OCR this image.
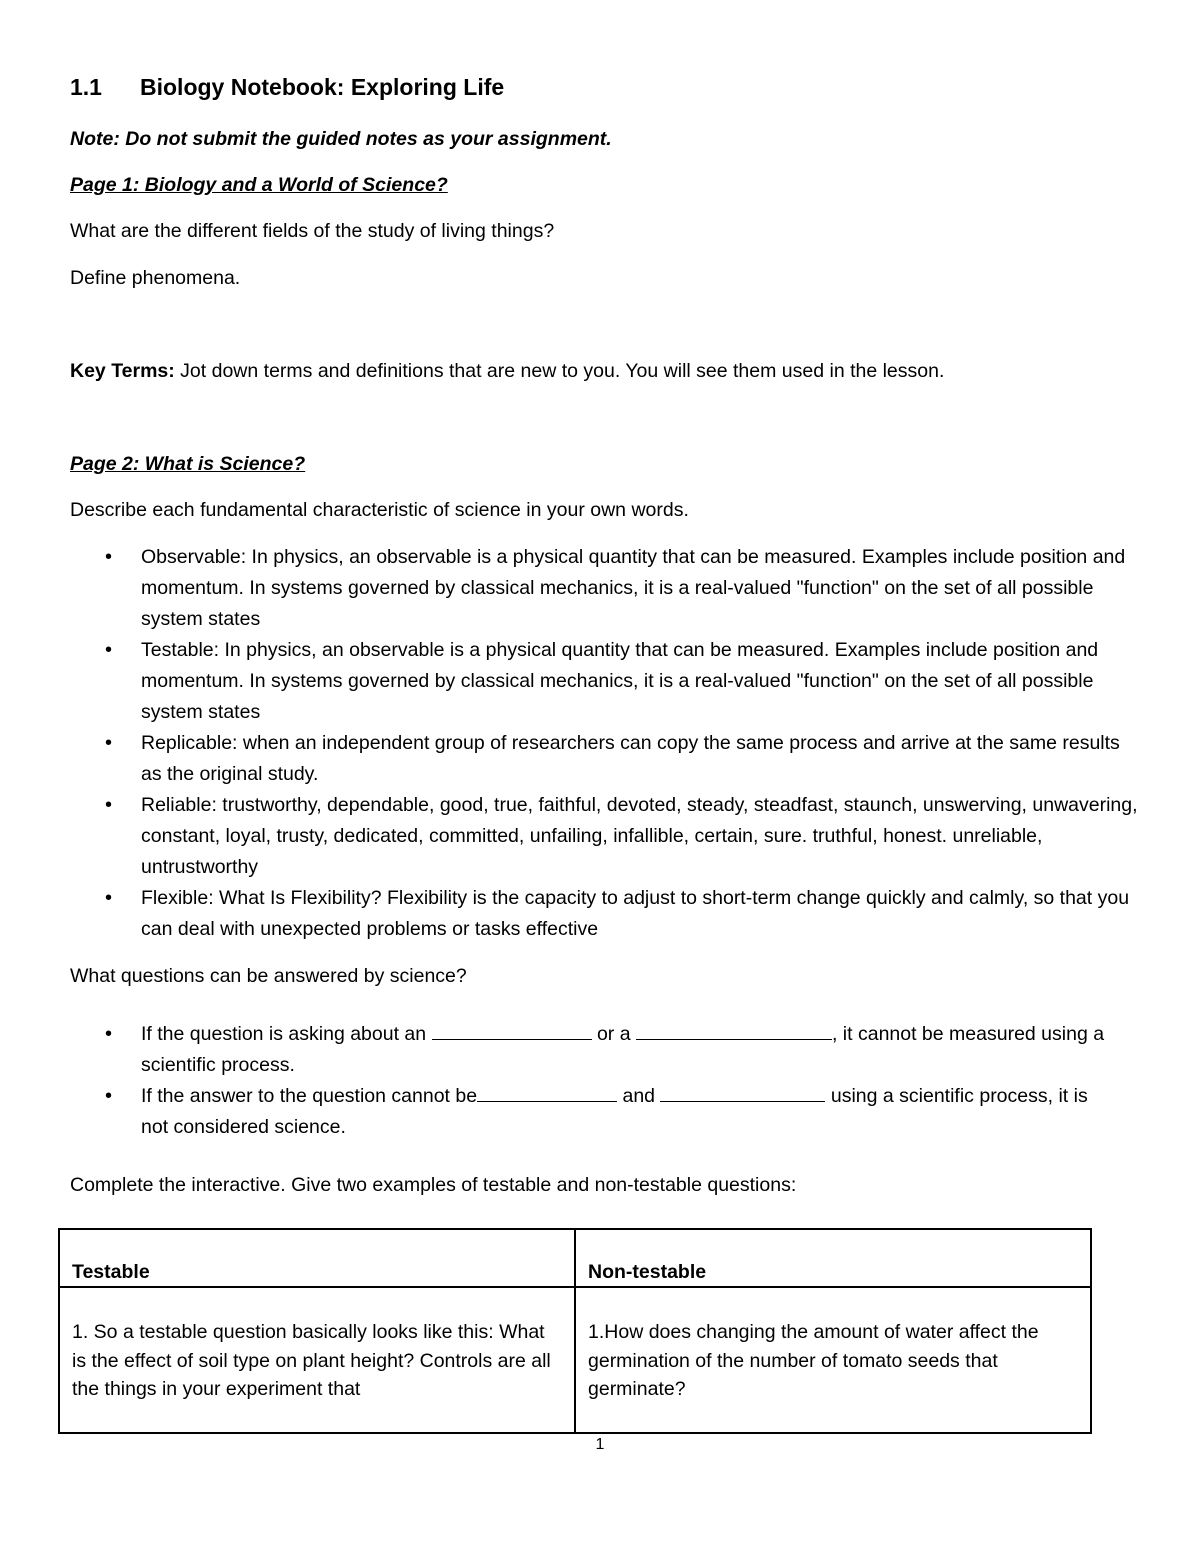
1.1 Biology Notebook: Exploring Life
Note: Do not submit the guided notes as your assignment.
Page 1: Biology and a World of Science?
What are the different fields of the study of living things?
Define phenomena.
Key Terms: Jot down terms and definitions that are new to you. You will see them used in the lesson.
Page 2: What is Science?
Describe each fundamental characteristic of science in your own words.
• Observable: In physics, an observable is a physical quantity that can be measured. Examples include position and momentum. In systems governed by classical mechanics, it is a real-valued "function" on the set of all possible system states
• Testable: In physics, an observable is a physical quantity that can be measured. Examples include position and momentum. In systems governed by classical mechanics, it is a real-valued "function" on the set of all possible system states
• Replicable: when an independent group of researchers can copy the same process and arrive at the same results as the original study.
• Reliable: trustworthy, dependable, good, true, faithful, devoted, steady, steadfast, staunch, unswerving, unwavering, constant, loyal, trusty, dedicated, committed, unfailing, infallible, certain, sure. truthful, honest. unreliable, untrustworthy
• Flexible: What Is Flexibility? Flexibility is the capacity to adjust to short-term change quickly and calmly, so that you can deal with unexpected problems or tasks effective
What questions can be answered by science?
• If the question is asking about an	or a	, it cannot be measured using a scientific process.
• If the answer to the question cannot be	and	using a scientific process, it is not considered science.
Complete the interactive. Give two examples of testable and non-testable questions:
Testable	Non-testable
1. So a testable question basically looks like this: What is the effect of soil type on plant height? Controls are all the things in your experiment that	1.How does changing the amount of water affect the germination of the number of tomato seeds that germinate?
1
